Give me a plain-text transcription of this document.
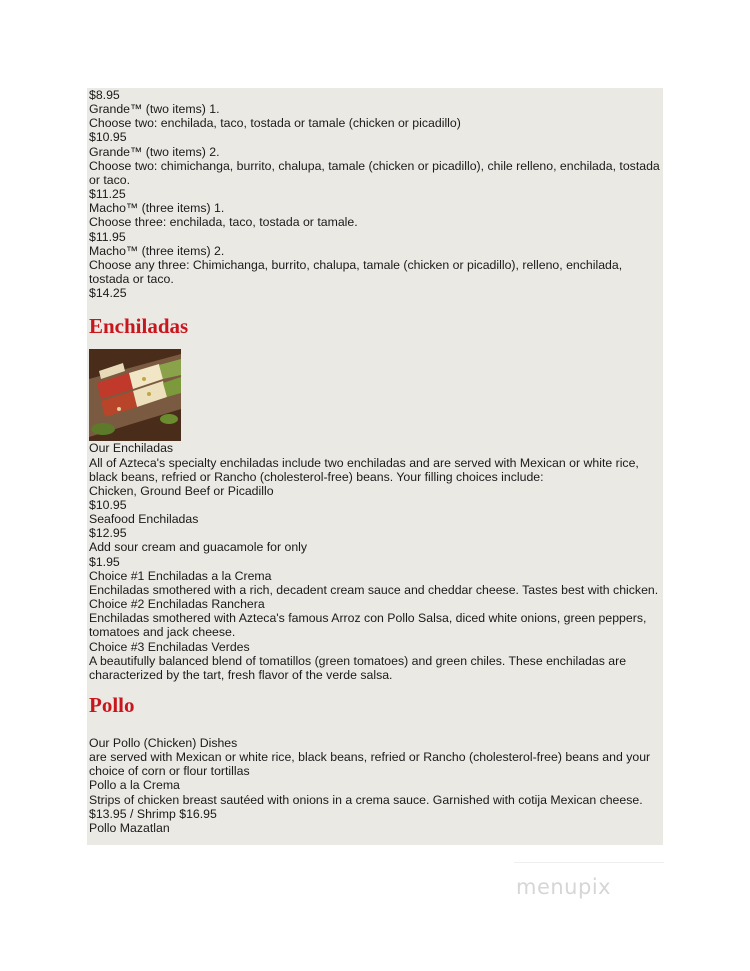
$8.95
Grande™ (two items) 1.
Choose two: enchilada, taco, tostada or tamale (chicken or picadillo)
$10.95
Grande™ (two items) 2.
Choose two: chimichanga, burrito, chalupa, tamale (chicken or picadillo), chile relleno, enchilada, tostada
or taco.
$11.25
Macho™ (three items) 1.
Choose three: enchilada, taco, tostada or tamale.
$11.95
Macho™ (three items) 2.
Choose any three: Chimichanga, burrito, chalupa, tamale (chicken or picadillo), relleno, enchilada,
tostada or taco.
$14.25
Enchiladas
Our Enchiladas
All of Azteca's specialty enchiladas include two enchiladas and are served with Mexican or white rice,
black beans, refried or Rancho (cholesterol-free) beans. Your filling choices include:
Chicken, Ground Beef or Picadillo
$10.95
Seafood Enchiladas
$12.95
Add sour cream and guacamole for only
$1.95
Choice #1 Enchiladas a la Crema
Enchiladas smothered with a rich, decadent cream sauce and cheddar cheese. Tastes best with chicken.
Choice #2 Enchiladas Ranchera
Enchiladas smothered with Azteca's famous Arroz con Pollo Salsa, diced white onions, green peppers,
tomatoes and jack cheese.
Choice #3 Enchiladas Verdes
A beautifully balanced blend of tomatillos (green tomatoes) and green chiles. These enchiladas are
characterized by the tart, fresh flavor of the verde salsa.
Pollo
Our Pollo (Chicken) Dishes
are served with Mexican or white rice, black beans, refried or Rancho (cholesterol-free) beans and your
choice of corn or flour tortillas
Pollo a la Crema
Strips of chicken breast sautéed with onions in a crema sauce. Garnished with cotija Mexican cheese.
$13.95 / Shrimp $16.95
Pollo Mazatlan
menupix
